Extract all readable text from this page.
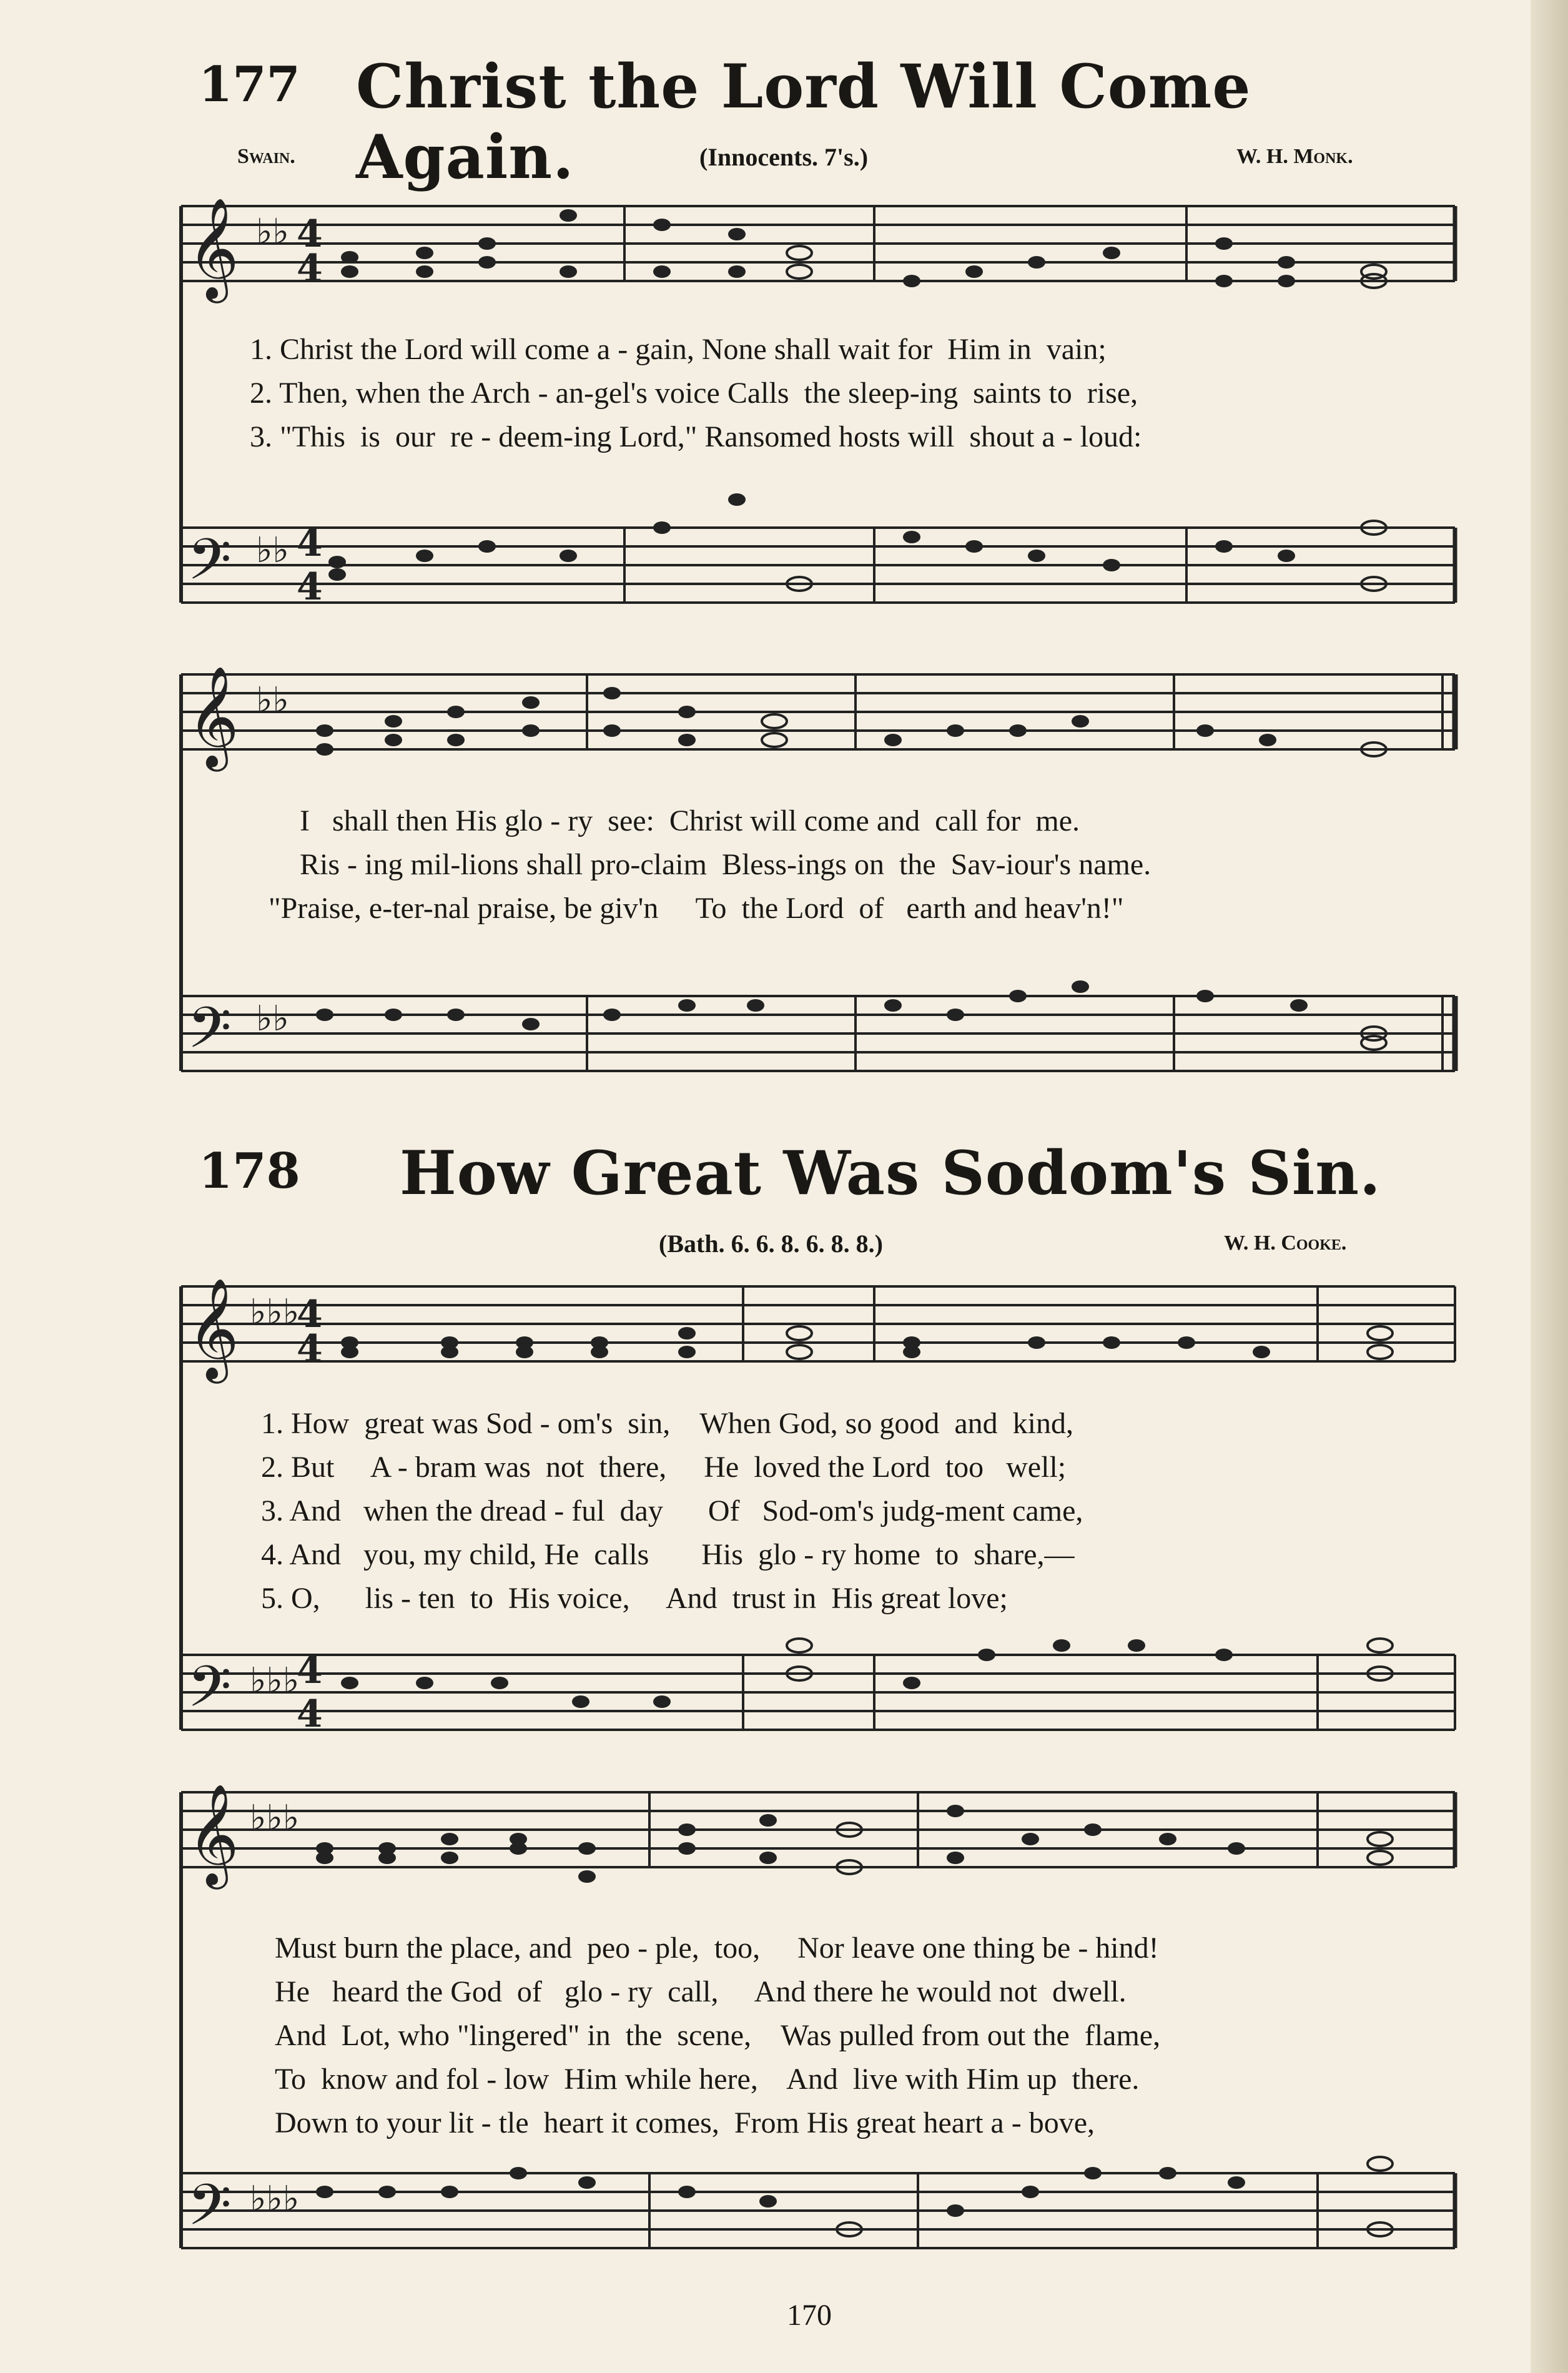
177 Christ the Lord Will Come Again.
Swain.	(Innocents. 7's.)	W. H. Monk.
𝄞
𝄢
♭♭ 4
4
♭♭ 4
4
1. Christ the Lord will come a - gain, None shall wait for  Him in  vain;
2. Then, when the Arch - an-gel's voice Calls  the sleep-ing  saints to  rise,
3. "This  is  our  re - deem-ing Lord," Ransomed hosts will  shout a - loud:
𝄞
𝄢
♭♭
♭♭
I   shall then His glo - ry  see:  Christ will come and  call for  me.
Ris - ing mil-lions shall pro-claim  Bless-ings on  the  Sav-iour's name.
"Praise, e-ter-nal praise, be giv'n     To  the Lord  of   earth and heav'n!"
178 How Great Was Sodom's Sin.
(Bath. 6. 6. 8. 6. 8. 8.)	W. H. Cooke.
𝄞
𝄢
♭♭♭
4
4
♭♭♭
4
4
1. How  great was Sod - om's  sin,    When God, so good  and  kind,
2. But     A - bram was  not  there,     He  loved the Lord  too   well;
3. And   when the dread - ful  day      Of   Sod-om's judg-ment came,
4. And   you, my child, He  calls       His  glo - ry home  to  share,—
5. O,      lis - ten  to  His voice,     And  trust in  His great love;
𝄞
𝄢
♭♭♭
♭♭♭
Must burn the place, and  peo - ple,  too,     Nor leave one thing be - hind!
He   heard the God  of   glo - ry  call,     And there he would not  dwell.
And  Lot, who "lingered" in  the  scene,    Was pulled from out the  flame,
To  know and fol - low  Him while here,    And  live with Him up  there.
Down to your lit - tle  heart it comes,  From His great heart a - bove,
170
